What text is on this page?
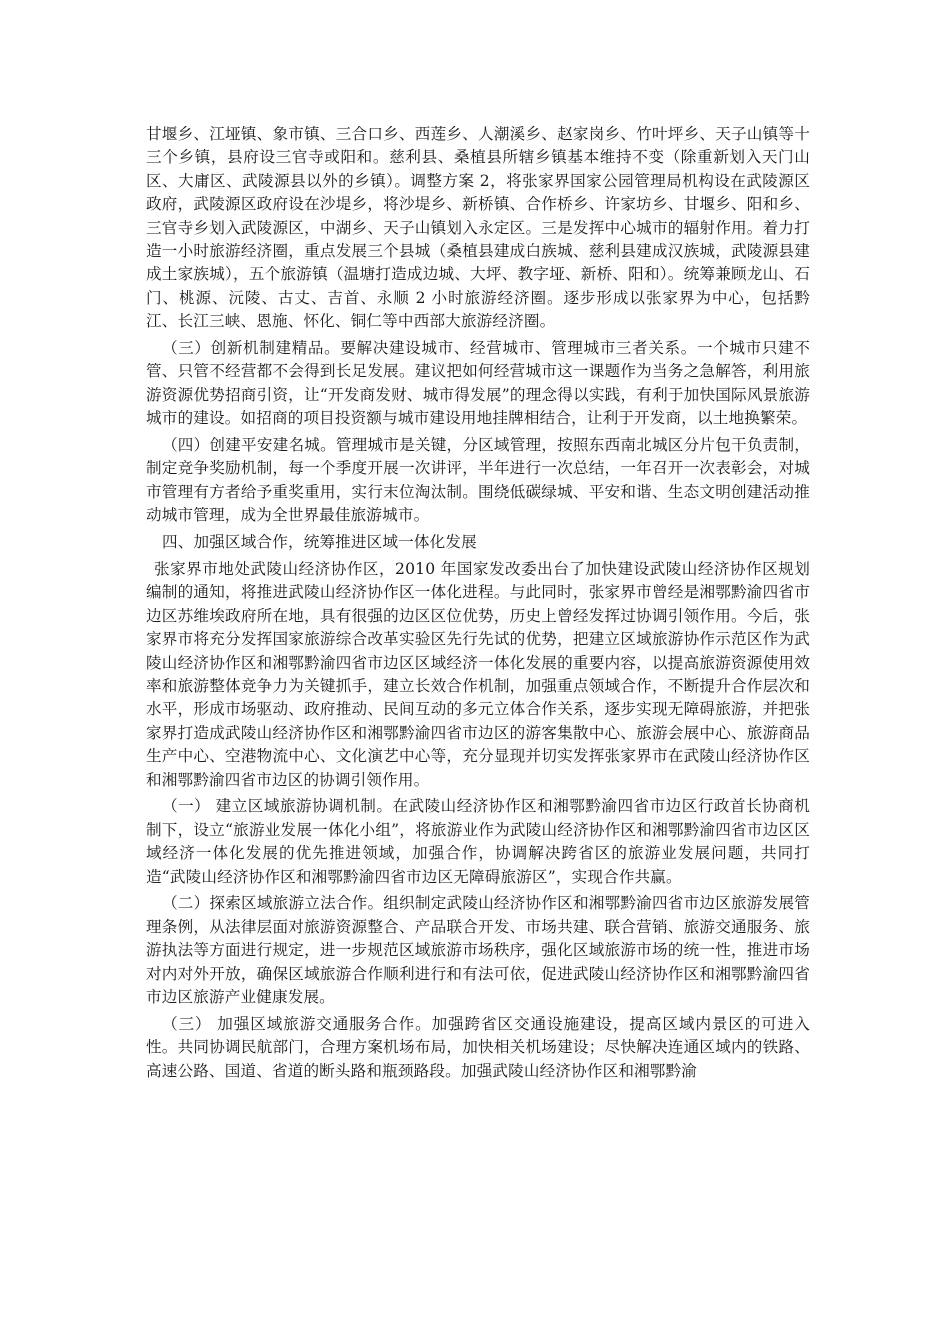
甘堰乡、江垭镇、象市镇、三合口乡、西莲乡、人潮溪乡、赵家岗乡、竹叶坪乡、天子山镇等十三个乡镇，县府设三官寺或阳和。慈利县、桑植县所辖乡镇基本维持不变（除重新划入天门山区、大庸区、武陵源县以外的乡镇）。调整方案 2，将张家界国家公园管理局机构设在武陵源区政府，武陵源区政府设在沙堤乡，将沙堤乡、新桥镇、合作桥乡、许家坊乡、甘堰乡、阳和乡、三官寺乡划入武陵源区，中湖乡、天子山镇划入永定区。三是发挥中心城市的辐射作用。着力打造一小时旅游经济圈，重点发展三个县城（桑植县建成白族城、慈利县建成汉族城，武陵源县建成土家族城），五个旅游镇（温塘打造成边城、大坪、教字垭、新桥、阳和）。统筹兼顾龙山、石门、桃源、沅陵、古丈、吉首、永顺 2 小时旅游经济圈。逐步形成以张家界为中心，包括黔江、长江三峡、恩施、怀化、铜仁等中西部大旅游经济圈。

（三）创新机制建精品。要解决建设城市、经营城市、管理城市三者关系。一个城市只建不管、只管不经营都不会得到长足发展。建议把如何经营城市这一课题作为当务之急解答，利用旅游资源优势招商引资，让“开发商发财、城市得发展”的理念得以实践，有利于加快国际风景旅游城市的建设。如招商的项目投资额与城市建设用地挂牌相结合，让利于开发商，以土地换繁荣。

（四）创建平安建名城。管理城市是关键，分区域管理，按照东西南北城区分片包干负责制，制定竞争奖励机制，每一个季度开展一次讲评，半年进行一次总结，一年召开一次表彰会，对城市管理有方者给予重奖重用，实行末位淘汰制。围绕低碳绿城、平安和谐、生态文明创建活动推动城市管理，成为全世界最佳旅游城市。

四、加强区域合作，统筹推进区域一体化发展

张家界市地处武陵山经济协作区，2010 年国家发改委出台了加快建设武陵山经济协作区规划编制的通知，将推进武陵山经济协作区一体化进程。与此同时，张家界市曾经是湘鄂黔渝四省市边区苏维埃政府所在地，具有很强的边区区位优势，历史上曾经发挥过协调引领作用。今后，张家界市将充分发挥国家旅游综合改革实验区先行先试的优势，把建立区域旅游协作示范区作为武陵山经济协作区和湘鄂黔渝四省市边区区域经济一体化发展的重要内容，以提高旅游资源使用效率和旅游整体竞争力为关键抓手，建立长效合作机制，加强重点领域合作，不断提升合作层次和水平，形成市场驱动、政府推动、民间互动的多元立体合作关系，逐步实现无障碍旅游，并把张家界打造成武陵山经济协作区和湘鄂黔渝四省市边区的游客集散中心、旅游会展中心、旅游商品生产中心、空港物流中心、文化演艺中心等，充分显现并切实发挥张家界市在武陵山经济协作区和湘鄂黔渝四省市边区的协调引领作用。

（一） 建立区域旅游协调机制。在武陵山经济协作区和湘鄂黔渝四省市边区行政首长协商机制下，设立“旅游业发展一体化小组”，将旅游业作为武陵山经济协作区和湘鄂黔渝四省市边区区域经济一体化发展的优先推进领域，加强合作，协调解决跨省区的旅游业发展问题，共同打造“武陵山经济协作区和湘鄂黔渝四省市边区无障碍旅游区”，实现合作共赢。

（二）探索区域旅游立法合作。组织制定武陵山经济协作区和湘鄂黔渝四省市边区旅游发展管理条例，从法律层面对旅游资源整合、产品联合开发、市场共建、联合营销、旅游交通服务、旅游执法等方面进行规定，进一步规范区域旅游市场秩序，强化区域旅游市场的统一性，推进市场对内对外开放，确保区域旅游合作顺利进行和有法可依，促进武陵山经济协作区和湘鄂黔渝四省市边区旅游产业健康发展。

（三） 加强区域旅游交通服务合作。加强跨省区交通设施建设，提高区域内景区的可进入性。共同协调民航部门，合理方案机场布局，加快相关机场建设；尽快解决连通区域内的铁路、高速公路、国道、省道的断头路和瓶颈路段。加强武陵山经济协作区和湘鄂黔渝
